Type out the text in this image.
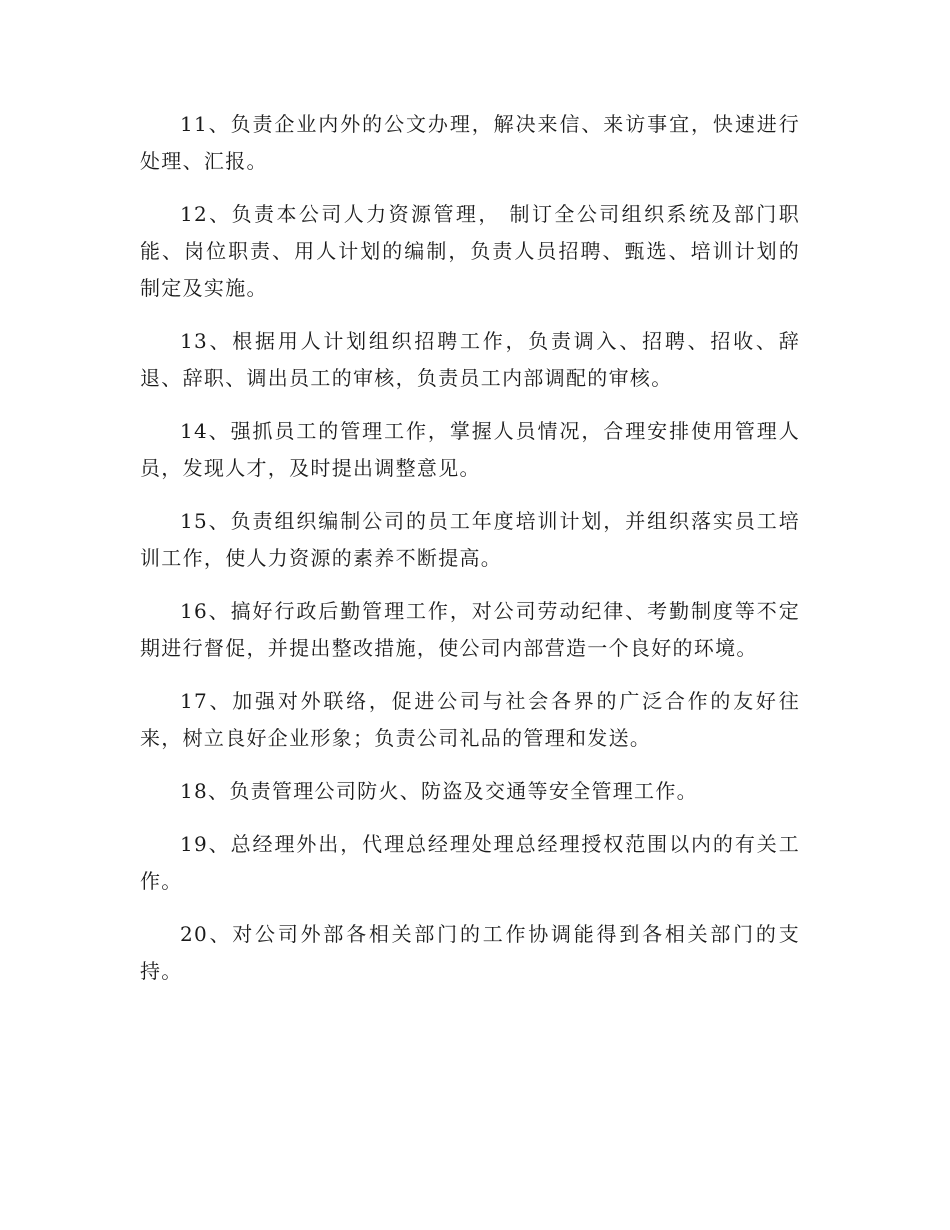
11、负责企业内外的公文办理，解决来信、来访事宜，快速进行处理、汇报。

12、负责本公司人力资源管理， 制订全公司组织系统及部门职能、岗位职责、用人计划的编制，负责人员招聘、甄选、培训计划的制定及实施。

13、根据用人计划组织招聘工作，负责调入、招聘、招收、辞退、辞职、调出员工的审核，负责员工内部调配的审核。

14、强抓员工的管理工作，掌握人员情况，合理安排使用管理人员，发现人才，及时提出调整意见。

15、负责组织编制公司的员工年度培训计划，并组织落实员工培训工作，使人力资源的素养不断提高。

16、搞好行政后勤管理工作，对公司劳动纪律、考勤制度等不定期进行督促，并提出整改措施，使公司内部营造一个良好的环境。

17、加强对外联络，促进公司与社会各界的广泛合作的友好往来，树立良好企业形象；负责公司礼品的管理和发送。

18、负责管理公司防火、防盗及交通等安全管理工作。

19、总经理外出，代理总经理处理总经理授权范围以内的有关工作。

20、对公司外部各相关部门的工作协调能得到各相关部门的支持。
